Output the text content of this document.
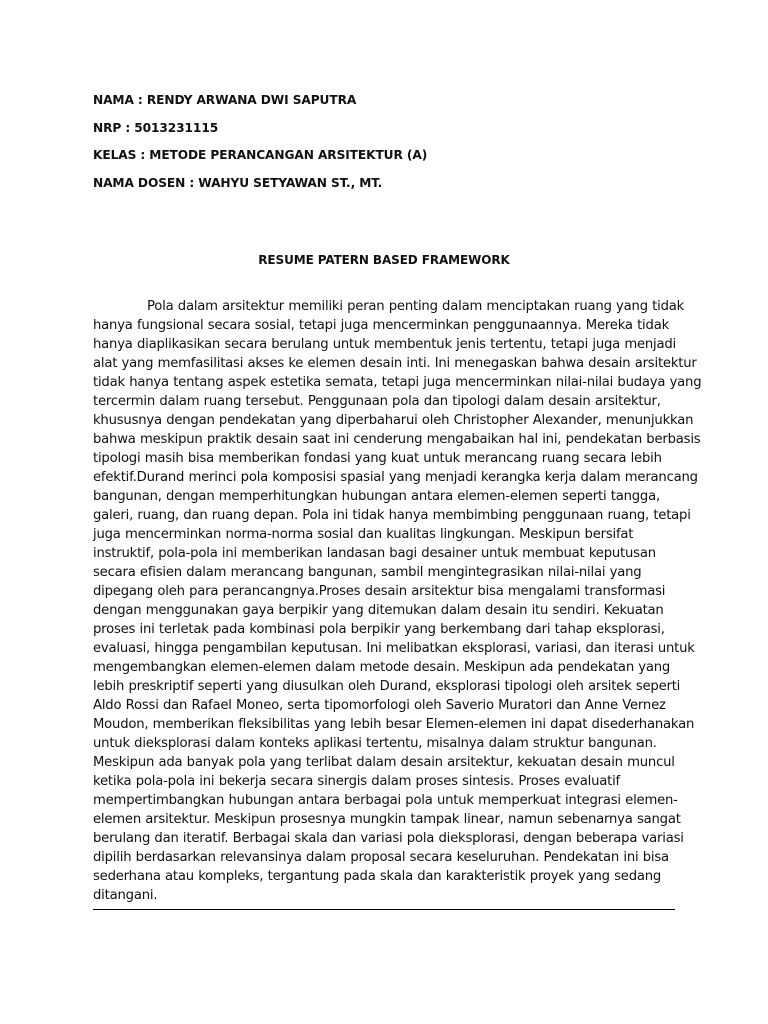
NAMA : RENDY ARWANA DWI SAPUTRA
NRP : 5013231115
KELAS : METODE PERANCANGAN ARSITEKTUR (A)
NAMA DOSEN : WAHYU SETYAWAN ST., MT.
RESUME PATERN BASED FRAMEWORK
Pola dalam arsitektur memiliki peran penting dalam menciptakan ruang yang tidak
hanya fungsional secara sosial, tetapi juga mencerminkan penggunaannya. Mereka tidak
hanya diaplikasikan secara berulang untuk membentuk jenis tertentu, tetapi juga menjadi
alat yang memfasilitasi akses ke elemen desain inti. Ini menegaskan bahwa desain arsitektur
tidak hanya tentang aspek estetika semata, tetapi juga mencerminkan nilai-nilai budaya yang
tercermin dalam ruang tersebut. Penggunaan pola dan tipologi dalam desain arsitektur,
khususnya dengan pendekatan yang diperbaharui oleh Christopher Alexander, menunjukkan
bahwa meskipun praktik desain saat ini cenderung mengabaikan hal ini, pendekatan berbasis
tipologi masih bisa memberikan fondasi yang kuat untuk merancang ruang secara lebih
efektif.Durand merinci pola komposisi spasial yang menjadi kerangka kerja dalam merancang
bangunan, dengan memperhitungkan hubungan antara elemen-elemen seperti tangga,
galeri, ruang, dan ruang depan. Pola ini tidak hanya membimbing penggunaan ruang, tetapi
juga mencerminkan norma-norma sosial dan kualitas lingkungan. Meskipun bersifat
instruktif, pola-pola ini memberikan landasan bagi desainer untuk membuat keputusan
secara efisien dalam merancang bangunan, sambil mengintegrasikan nilai-nilai yang
dipegang oleh para perancangnya.Proses desain arsitektur bisa mengalami transformasi
dengan menggunakan gaya berpikir yang ditemukan dalam desain itu sendiri. Kekuatan
proses ini terletak pada kombinasi pola berpikir yang berkembang dari tahap eksplorasi,
evaluasi, hingga pengambilan keputusan. Ini melibatkan eksplorasi, variasi, dan iterasi untuk
mengembangkan elemen-elemen dalam metode desain. Meskipun ada pendekatan yang
lebih preskriptif seperti yang diusulkan oleh Durand, eksplorasi tipologi oleh arsitek seperti
Aldo Rossi dan Rafael Moneo, serta tipomorfologi oleh Saverio Muratori dan Anne Vernez
Moudon, memberikan fleksibilitas yang lebih besar Elemen-elemen ini dapat disederhanakan
untuk dieksplorasi dalam konteks aplikasi tertentu, misalnya dalam struktur bangunan.
Meskipun ada banyak pola yang terlibat dalam desain arsitektur, kekuatan desain muncul
ketika pola-pola ini bekerja secara sinergis dalam proses sintesis. Proses evaluatif
mempertimbangkan hubungan antara berbagai pola untuk memperkuat integrasi elemen-
elemen arsitektur. Meskipun prosesnya mungkin tampak linear, namun sebenarnya sangat
berulang dan iteratif. Berbagai skala dan variasi pola dieksplorasi, dengan beberapa variasi
dipilih berdasarkan relevansinya dalam proposal secara keseluruhan. Pendekatan ini bisa
sederhana atau kompleks, tergantung pada skala dan karakteristik proyek yang sedang
ditangani.
